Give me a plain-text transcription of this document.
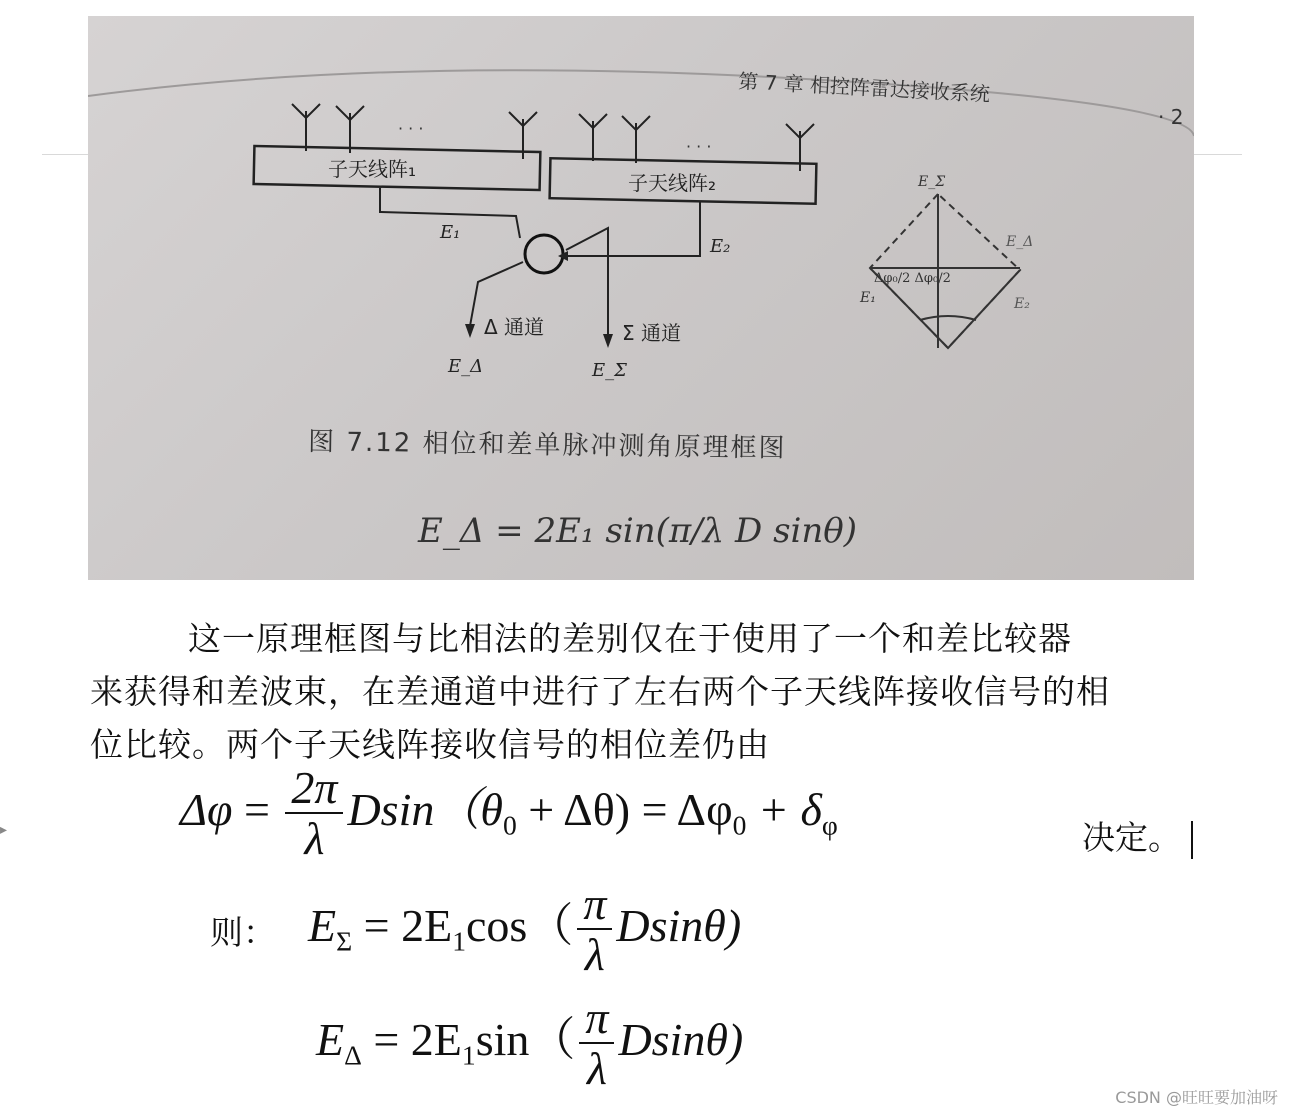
▸
第 7 章 相控阵雷达接收系统
· 2
· · ·
· · ·
子天线阵₁
子天线阵₂
E₁
E₂
Δ 通道	Σ 通道
E_Δ	E_Σ
E_Σ
E_Δ
E₁	E₂
Δφ₀/2 Δφ₀/2
图 7.12 相位和差单脉冲测角原理框图
E_Δ = 2E₁ sin(π/λ D sinθ)
这一原理框图与比相法的差别仅在于使用了一个和差比较器
来获得和差波束，在差通道中进行了左右两个子天线阵接收信号的相
位比较。两个子天线阵接收信号的相位差仍由
$\Delta\varphi = \frac{2\pi}{\lambda} Dsin(\theta_0 + \Delta\theta) = \Delta\varphi_0 + \delta_\varphi$	决定。
则： $E_\Sigma = 2E_1\cos( \frac{\pi}{\lambda} Dsin\theta)$
$E_\Delta = 2E_1\sin( \frac{\pi}{\lambda} Dsin\theta)$
CSDN @旺旺要加油呀
